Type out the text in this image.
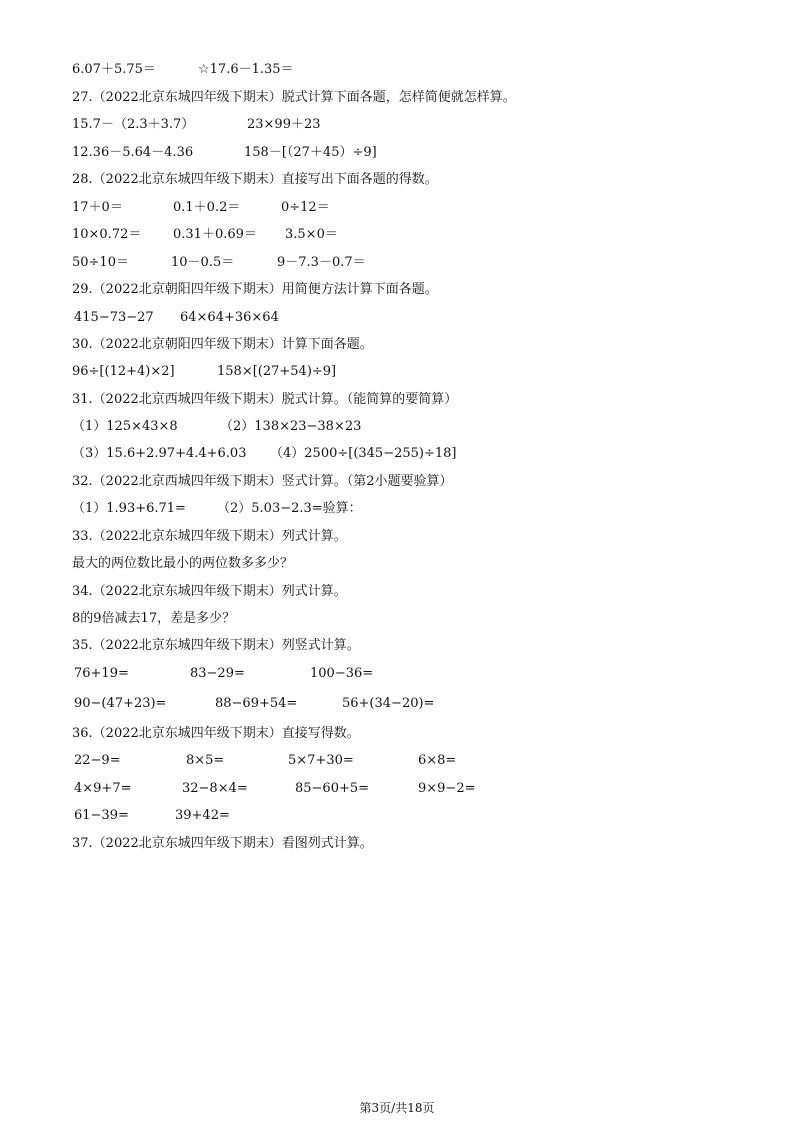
6.07＋5.75＝	☆17.6－1.35＝
27.（2022北京东城四年级下期末）脱式计算下面各题，怎样简便就怎样算。
15.7－（2.3＋3.7）	23×99＋23
12.36－5.64－4.36	158－[（27＋45）÷9]
28.（2022北京东城四年级下期末）直接写出下面各题的得数。
17＋0＝	0.1＋0.2＝	0÷12＝
10×0.72＝ 0.31＋0.69＝ 3.5×0＝
50÷10＝	10－0.5＝	9－7.3－0.7＝
29.（2022北京朝阳四年级下期末）用简便方法计算下面各题。
415−73−27 64×64+36×64
30.（2022北京朝阳四年级下期末）计算下面各题。
96÷[(12+4)×2]	158×[(27+54)÷9]
31.（2022北京西城四年级下期末）脱式计算。（能简算的要简算）
（1）125×43×8	（2）138×23−38×23
（3）15.6+2.97+4.4+6.03 （4）2500÷[(345−255)÷18]
32.（2022北京西城四年级下期末）竖式计算。（第2小题要验算）
（1）1.93+6.71= （2）5.03−2.3=验算：
33.（2022北京东城四年级下期末）列式计算。
最大的两位数比最小的两位数多多少？
34.（2022北京东城四年级下期末）列式计算。
8的9倍减去17，差是多少？
35.（2022北京东城四年级下期末）列竖式计算。
76+19=	83−29=	100−36=
90−(47+23)=	88−69+54=	56+(34−20)=
36.（2022北京东城四年级下期末）直接写得数。
22−9=	8×5=	5×7+30=	6×8=
4×9+7=	32−8×4=	85−60+5=	9×9−2=
61−39=	39+42=
37.（2022北京东城四年级下期末）看图列式计算。
第3页/共18页
